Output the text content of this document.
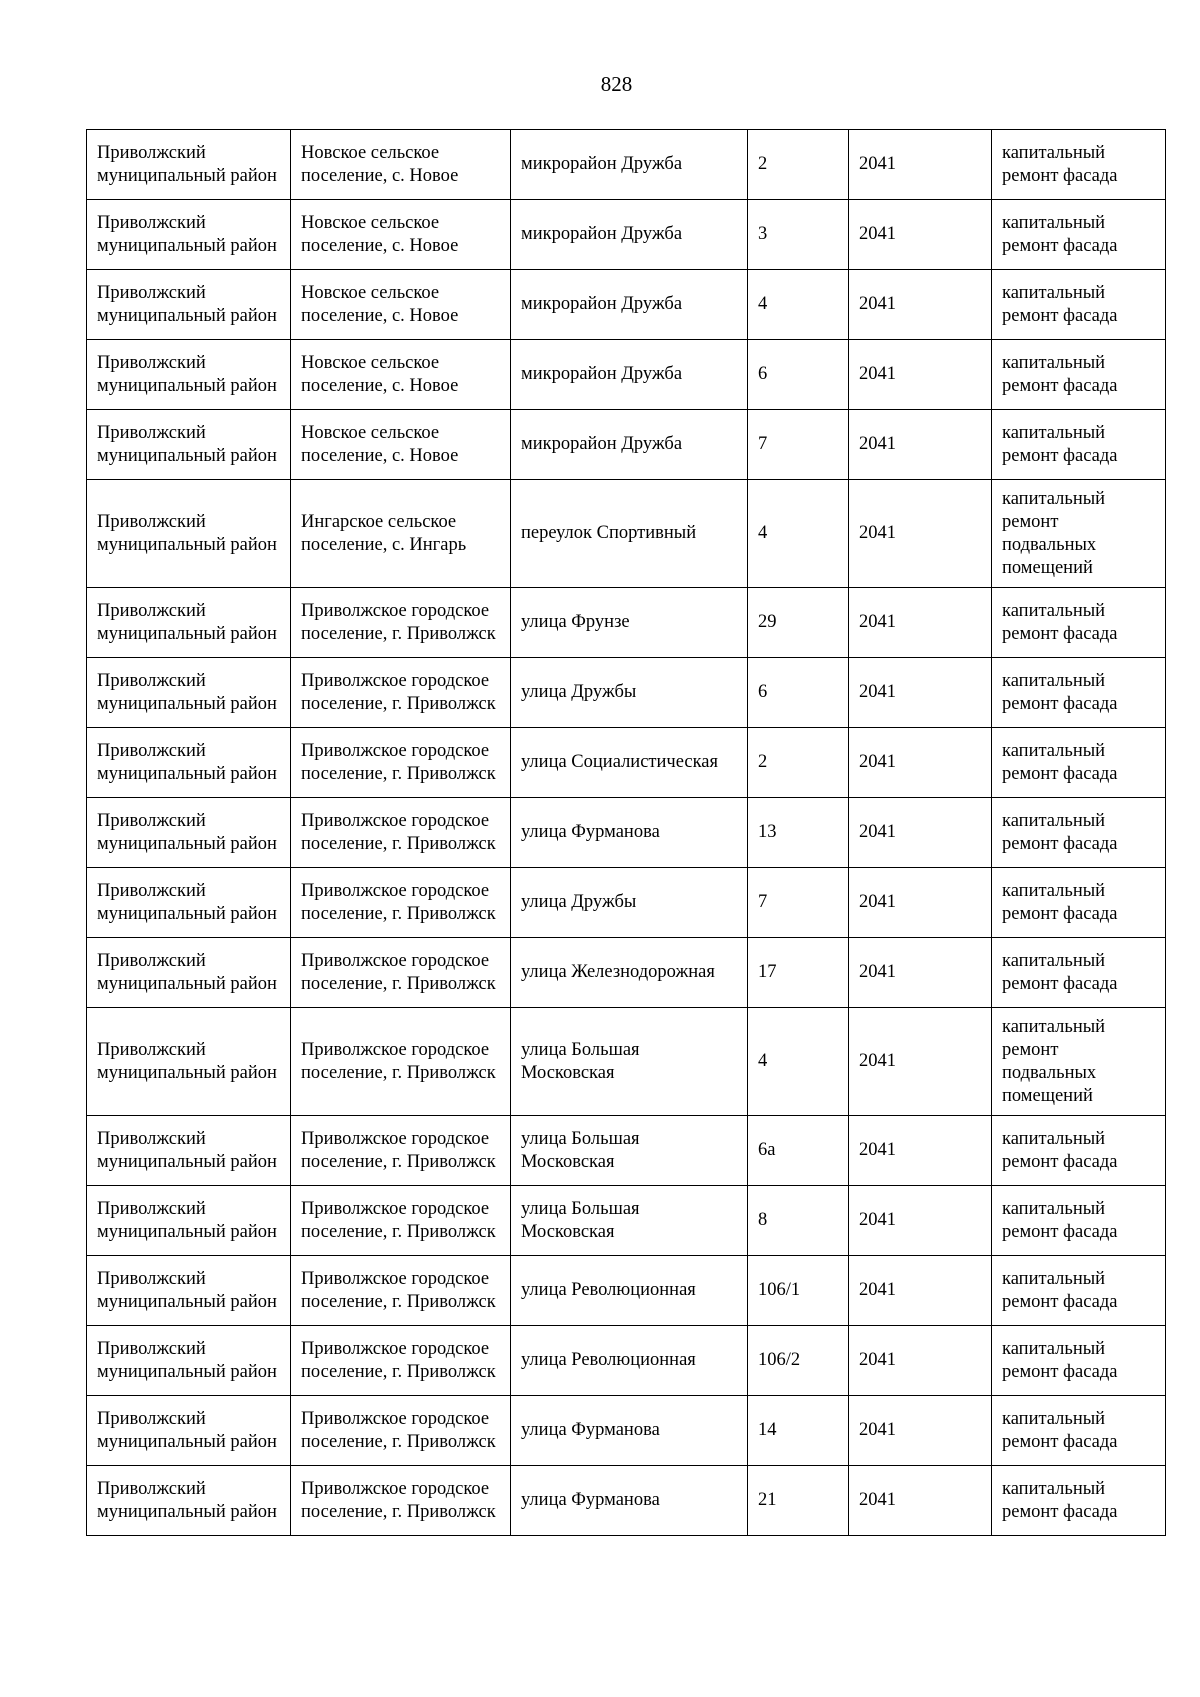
828
Приволжский муниципальный район	Новское сельское поселение, с. Новое	микрорайон Дружба	2	2041	капитальный ремонт фасада
Приволжский муниципальный район	Новское сельское поселение, с. Новое	микрорайон Дружба	3	2041	капитальный ремонт фасада
Приволжский муниципальный район	Новское сельское поселение, с. Новое	микрорайон Дружба	4	2041	капитальный ремонт фасада
Приволжский муниципальный район	Новское сельское поселение, с. Новое	микрорайон Дружба	6	2041	капитальный ремонт фасада
Приволжский муниципальный район	Новское сельское поселение, с. Новое	микрорайон Дружба	7	2041	капитальный ремонт фасада
Приволжский муниципальный район	Ингарское сельское поселение, с. Ингарь	переулок Спортивный	4	2041	капитальный ремонт подвальных помещений
Приволжский муниципальный район	Приволжское городское поселение, г. Приволжск	улица Фрунзе	29	2041	капитальный ремонт фасада
Приволжский муниципальный район	Приволжское городское поселение, г. Приволжск	улица Дружбы	6	2041	капитальный ремонт фасада
Приволжский муниципальный район	Приволжское городское поселение, г. Приволжск	улица Социалистическая	2	2041	капитальный ремонт фасада
Приволжский муниципальный район	Приволжское городское поселение, г. Приволжск	улица Фурманова	13	2041	капитальный ремонт фасада
Приволжский муниципальный район	Приволжское городское поселение, г. Приволжск	улица Дружбы	7	2041	капитальный ремонт фасада
Приволжский муниципальный район	Приволжское городское поселение, г. Приволжск	улица Железнодорожная	17	2041	капитальный ремонт фасада
Приволжский муниципальный район	Приволжское городское поселение, г. Приволжск	улица Большая Московская	4	2041	капитальный ремонт подвальных помещений
Приволжский муниципальный район	Приволжское городское поселение, г. Приволжск	улица Большая Московская	6а	2041	капитальный ремонт фасада
Приволжский муниципальный район	Приволжское городское поселение, г. Приволжск	улица Большая Московская	8	2041	капитальный ремонт фасада
Приволжский муниципальный район	Приволжское городское поселение, г. Приволжск	улица Революционная	106/1	2041	капитальный ремонт фасада
Приволжский муниципальный район	Приволжское городское поселение, г. Приволжск	улица Революционная	106/2	2041	капитальный ремонт фасада
Приволжский муниципальный район	Приволжское городское поселение, г. Приволжск	улица Фурманова	14	2041	капитальный ремонт фасада
Приволжский муниципальный район	Приволжское городское поселение, г. Приволжск	улица Фурманова	21	2041	капитальный ремонт фасада
